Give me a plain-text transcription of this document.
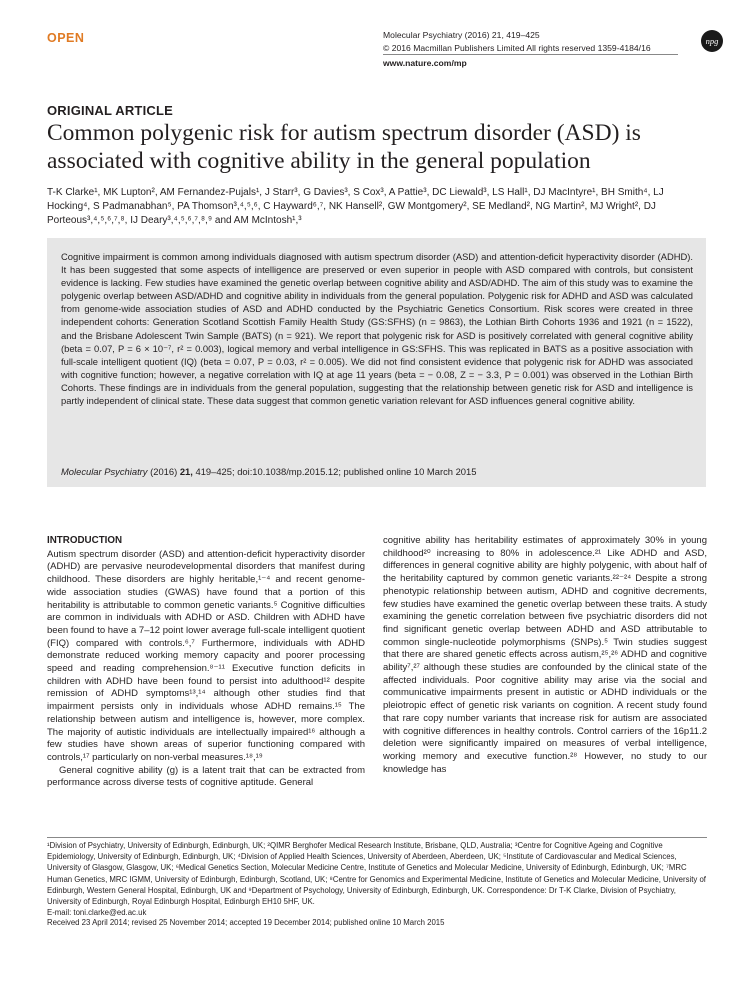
OPEN	Molecular Psychiatry (2016) 21, 419–425
© 2016 Macmillan Publishers Limited All rights reserved 1359-4184/16
www.nature.com/mp
npg
ORIGINAL ARTICLE
Common polygenic risk for autism spectrum disorder (ASD) is associated with cognitive ability in the general population
T-K Clarke¹, MK Lupton², AM Fernandez-Pujals¹, J Starr³, G Davies³, S Cox³, A Pattie³, DC Liewald³, LS Hall¹, DJ MacIntyre¹, BH Smith⁴, LJ Hocking⁴, S Padmanabhan⁵, PA Thomson³,⁴,⁵,⁶, C Hayward⁶,⁷, NK Hansell², GW Montgomery², SE Medland², NG Martin², MJ Wright², DJ Porteous³,⁴,⁵,⁶,⁷,⁸, IJ Deary³,⁴,⁵,⁶,⁷,⁸,⁹ and AM McIntosh¹,³
Cognitive impairment is common among individuals diagnosed with autism spectrum disorder (ASD) and attention-deficit hyperactivity disorder (ADHD). It has been suggested that some aspects of intelligence are preserved or even superior in people with ASD compared with controls, but consistent evidence is lacking. Few studies have examined the genetic overlap between cognitive ability and ASD/ADHD. The aim of this study was to examine the polygenic overlap between ASD/ADHD and cognitive ability in individuals from the general population. Polygenic risk for ADHD and ASD was calculated from genome-wide association studies of ASD and ADHD conducted by the Psychiatric Genetics Consortium. Risk scores were created in three independent cohorts: Generation Scotland Scottish Family Health Study (GS:SFHS) (n = 9863), the Lothian Birth Cohorts 1936 and 1921 (n = 1522), and the Brisbane Adolescent Twin Sample (BATS) (n = 921). We report that polygenic risk for ASD is positively correlated with general cognitive ability (beta = 0.07, P = 6 × 10⁻⁷, r² = 0.003), logical memory and verbal intelligence in GS:SFHS. This was replicated in BATS as a positive association with full-scale intelligent quotient (IQ) (beta = 0.07, P = 0.03, r² = 0.005). We did not find consistent evidence that polygenic risk for ADHD was associated with cognitive function; however, a negative correlation with IQ at age 11 years (beta = − 0.08, Z = − 3.3, P = 0.001) was observed in the Lothian Birth Cohorts. These findings are in individuals from the general population, suggesting that the relationship between genetic risk for ASD and intelligence is partly independent of clinical state. These data suggest that common genetic variation relevant for ASD influences general cognitive ability.
Molecular Psychiatry (2016) 21, 419–425; doi:10.1038/mp.2015.12; published online 10 March 2015
INTRODUCTION

Autism spectrum disorder (ASD) and attention-deficit hyperactivity disorder (ADHD) are pervasive neurodevelopmental disorders that manifest during childhood. These disorders are highly heritable,¹⁻⁴ and recent genome-wide association studies (GWAS) have found that a portion of this heritability is attributable to common genetic variants.⁵ Cognitive difficulties are common in individuals with ADHD or ASD. Children with ADHD have been found to have a 7–12 point lower average full-scale intelligent quotient (FIQ) compared with controls.⁶,⁷ Furthermore, individuals with ADHD demonstrate reduced working memory capacity and poorer processing speed and reading comprehension.⁸⁻¹¹ Executive function deficits in children with ADHD have been found to persist into adulthood¹² despite remission of ADHD symptoms¹³,¹⁴ although other studies find that impairment persists only in individuals whose ADHD remains.¹⁵ The relationship between autism and intelligence is, however, more complex. The majority of autistic individuals are intellectually impaired¹⁶ although a few studies have shown areas of superior functioning compared with controls,¹⁷ particularly on non-verbal measures.¹⁸,¹⁹

General cognitive ability (g) is a latent trait that can be extracted from performance across diverse tests of cognitive aptitude. General

cognitive ability has heritability estimates of approximately 30% in young childhood²⁰ increasing to 80% in adolescence.²¹ Like ADHD and ASD, differences in general cognitive ability are highly polygenic, with about half of the heritability captured by common genetic variants.²²⁻²⁴ Despite a strong phenotypic relationship between autism, ADHD and cognitive decrements, few studies have examined the genetic overlap between these traits. A study examining the genetic correlation between five psychiatric disorders did not find significant genetic overlap between ADHD and ASD attributable to common single-nucleotide polymorphisms (SNPs).⁵ Twin studies suggest that there are shared genetic effects across autism,²⁵,²⁶ ADHD and cognitive ability⁷,²⁷ although these studies are confounded by the clinical state of the affected individuals. Poor cognitive ability may arise via the social and communicative impairments present in autistic or ADHD individuals or the pleiotropic effect of genetic risk variants on cognition. A recent study found that rare copy number variants that increase risk for autism are associated with cognitive differences in healthy controls. Control carriers of the 16p11.2 deletion were significantly impaired on measures of verbal intelligence, working memory and executive function.²⁸ However, no study to our knowledge has

¹Division of Psychiatry, University of Edinburgh, Edinburgh, UK; ²QIMR Berghofer Medical Research Institute, Brisbane, QLD, Australia; ³Centre for Cognitive Ageing and Cognitive Epidemiology, University of Edinburgh, Edinburgh, UK; ⁴Division of Applied Health Sciences, University of Aberdeen, Aberdeen, UK; ⁵Institute of Cardiovascular and Medical Sciences, University of Glasgow, Glasgow, UK; ⁶Medical Genetics Section, Molecular Medicine Centre, Institute of Genetics and Molecular Medicine, University of Edinburgh, Edinburgh, UK; ⁷MRC Human Genetics, MRC IGMM, University of Edinburgh, Edinburgh, Scotland, UK; ⁸Centre for Genomics and Experimental Medicine, Institute of Genetics and Molecular Medicine, University of Edinburgh, Western General Hospital, Edinburgh, UK and ⁹Department of Psychology, University of Edinburgh, Edinburgh, UK. Correspondence: Dr T-K Clarke, Division of Psychiatry, University of Edinburgh, Royal Edinburgh Hospital, Edinburgh EH10 5HF, UK.
E-mail: toni.clarke@ed.ac.uk
Received 23 April 2014; revised 25 November 2014; accepted 19 December 2014; published online 10 March 2015
